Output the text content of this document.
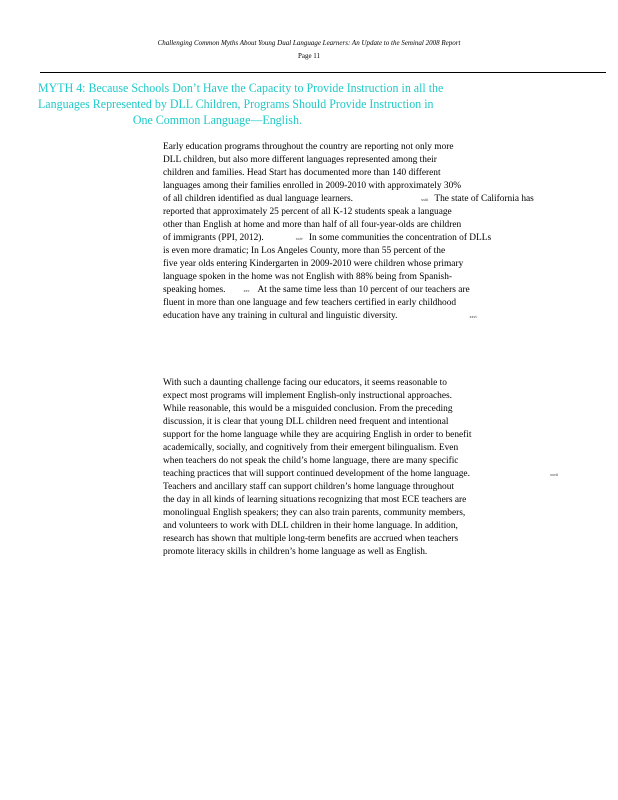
Challenging Common Myths About Young Dual Language Learners: An Update to the Seminal 2008 Report
Page 11
MYTH 4: Because Schools Don’t Have the Capacity to Provide Instruction in all the
Languages Represented by DLL Children, Programs Should Provide Instruction in
One Common Language—English.
Early education programs throughout the country are reporting not only more
DLL children, but also more different languages represented among their
children and families. Head Start has documented more than 140 different
languages among their families enrolled in 2009-2010 with approximately 30%
of all children identified as dual language learners.	xxiii The state of California has
reported that approximately 25 percent of all K-12 students speak a language
other than English at home and more than half of all four-year-olds are children
of immigrants (PPI, 2012).	xxiv In some communities the concentration of DLLs
is even more dramatic; In Los Angeles County, more than 55 percent of the
five year olds entering Kindergarten in 2009-2010 were children whose primary
language spoken in the home was not English with 88% being from Spanish-
speaking homes.	xxv At the same time less than 10 percent of our teachers are
fluent in more than one language and few teachers certified in early childhood
education have any training in cultural and linguistic diversity.	xxvi
With such a daunting challenge facing our educators, it seems reasonable to
expect most programs will implement English-only instructional approaches.
While reasonable, this would be a misguided conclusion. From the preceding
discussion, it is clear that young DLL children need frequent and intentional
support for the home language while they are acquiring English in order to benefit
academically, socially, and cognitively from their emergent bilingualism. Even
when teachers do not speak the child’s home language, there are many specific
teaching practices that will support continued development of the home language.	xxvii
Teachers and ancillary staff can support children’s home language throughout
the day in all kinds of learning situations recognizing that most ECE teachers are
monolingual English speakers; they can also train parents, community members,
and volunteers to work with DLL children in their home language. In addition,
research has shown that multiple long-term benefits are accrued when teachers
promote literacy skills in children’s home language as well as English.
